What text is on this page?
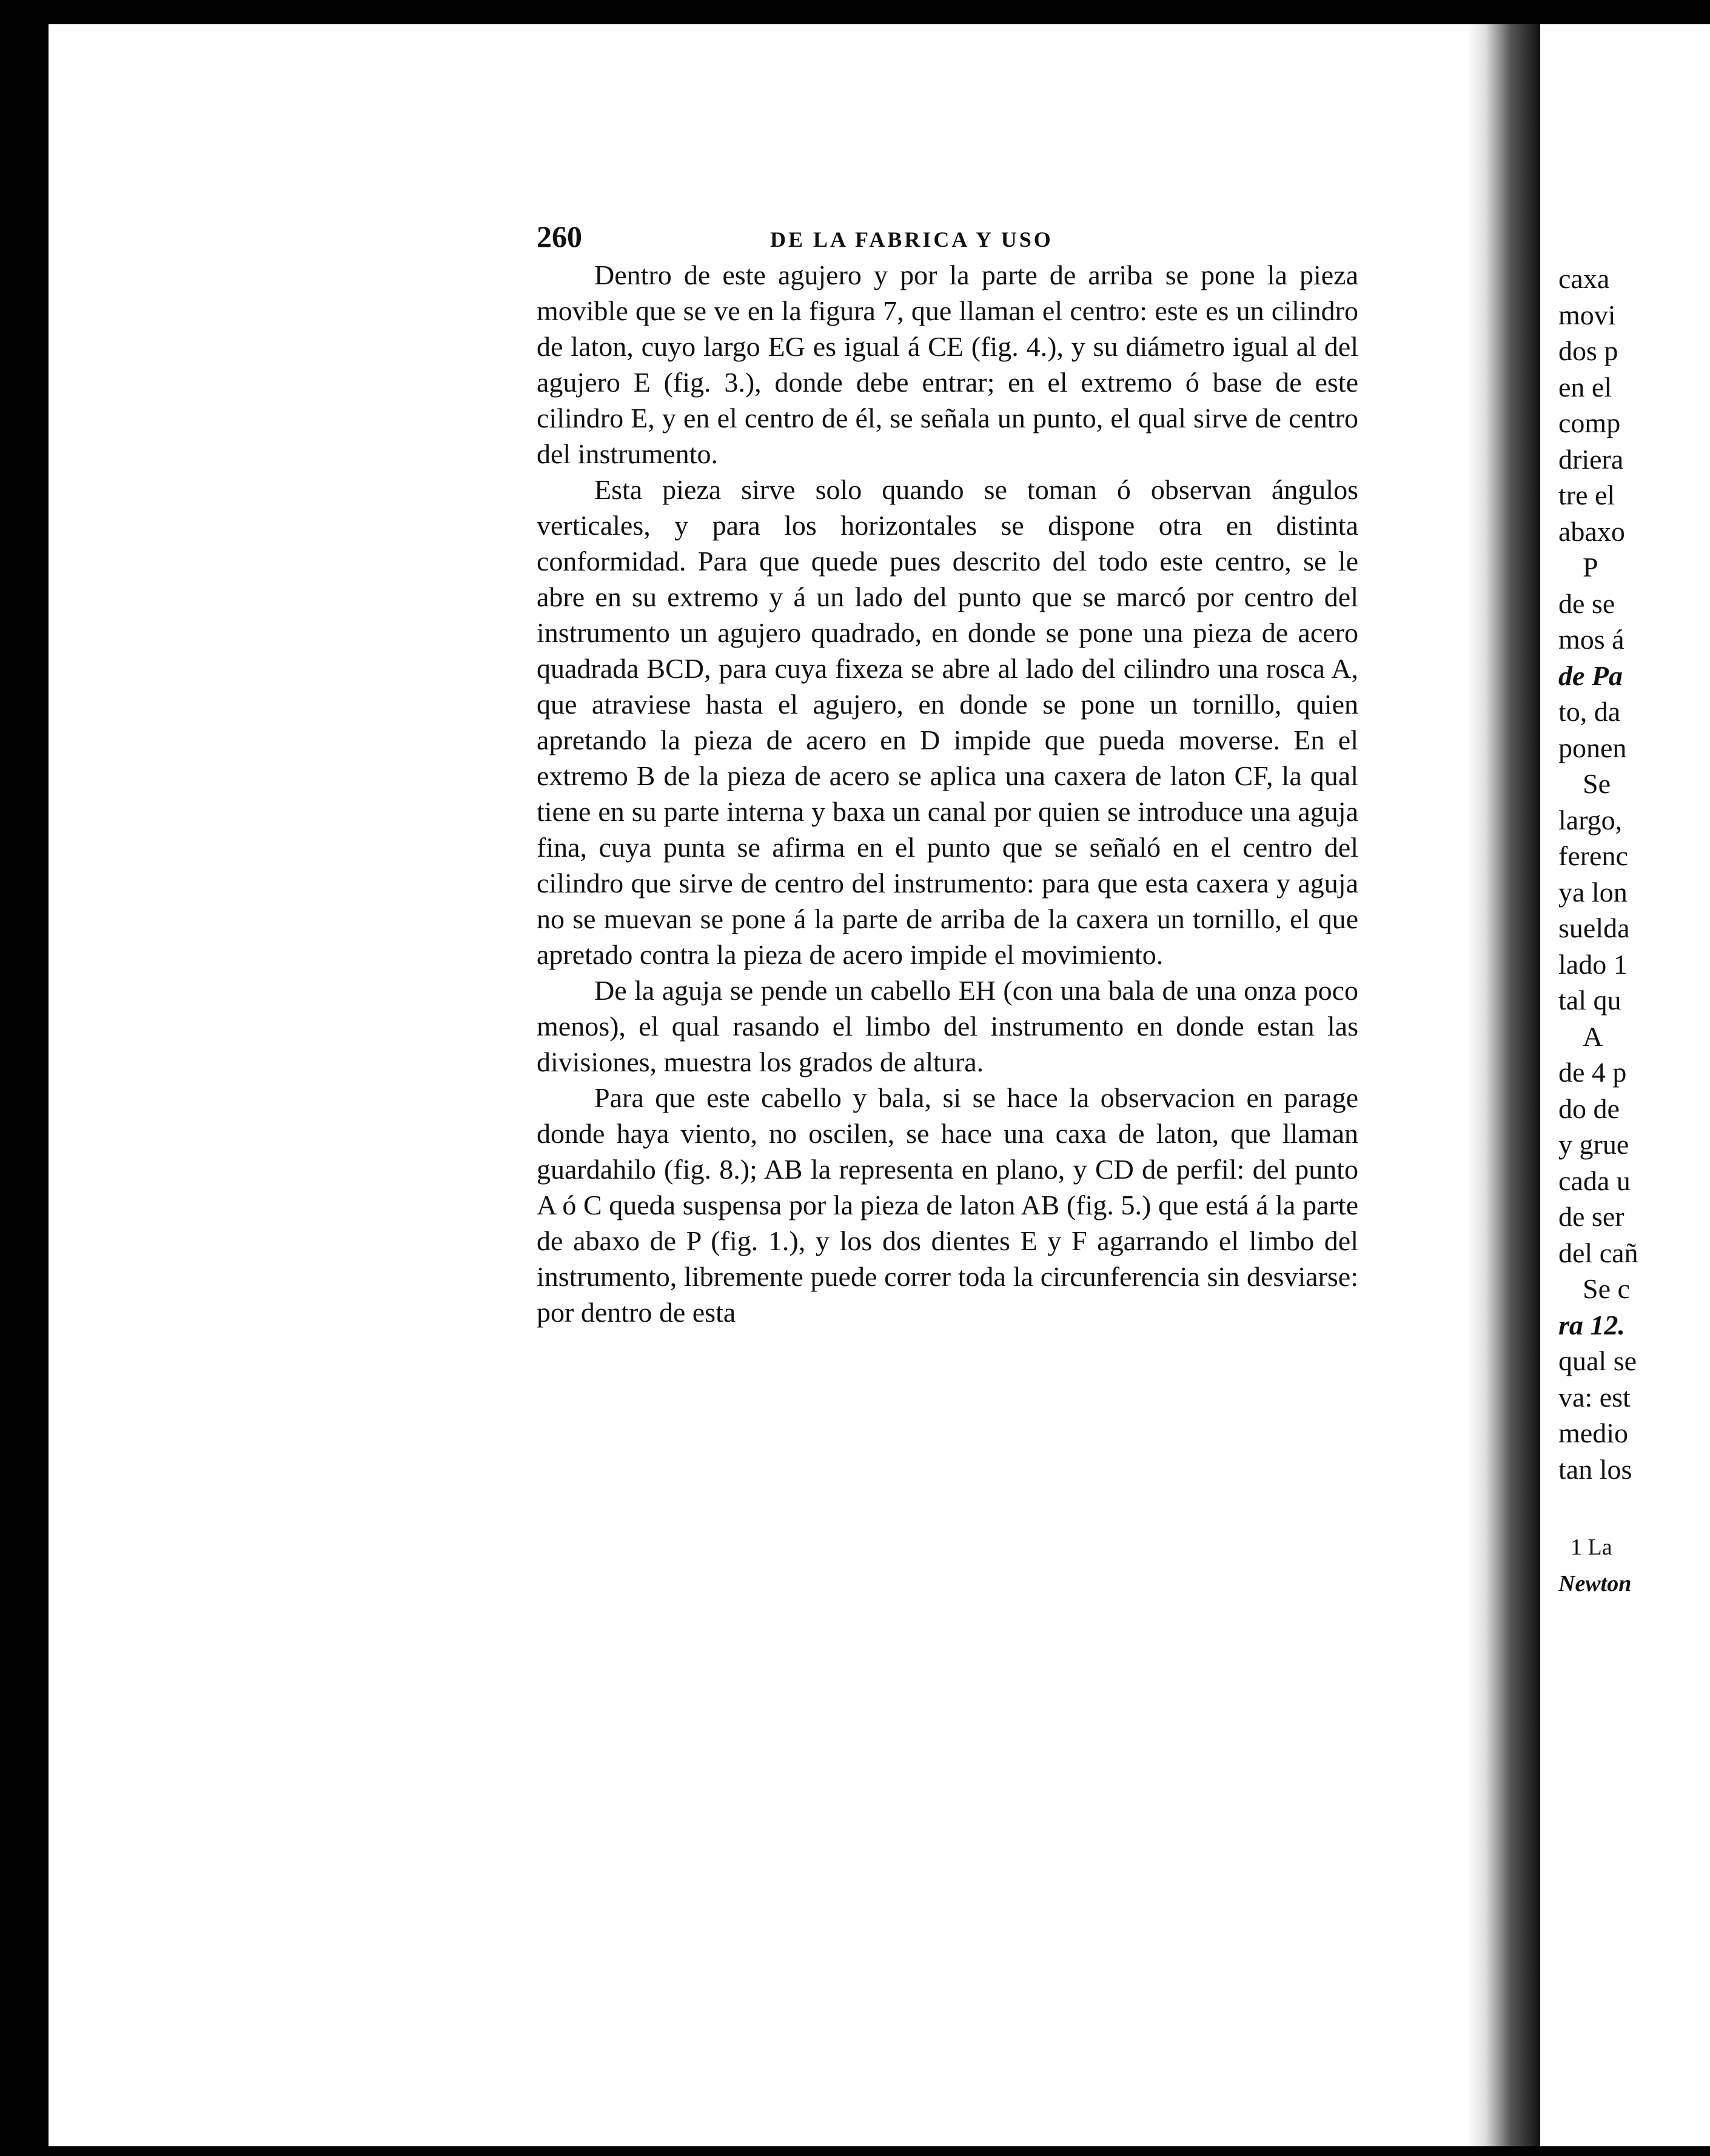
260	DE LA FABRICA Y USO

Dentro de este agujero y por la parte de arriba se pone la pieza movible que se ve en la figura 7, que llaman el centro: este es un cilindro de laton, cuyo largo EG es igual á CE (fig. 4.), y su diámetro igual al del agujero E (fig. 3.), donde debe entrar; en el extremo ó base de este cilindro E, y en el centro de él, se señala un punto, el qual sirve de centro del instrumento.

Esta pieza sirve solo quando se toman ó observan ángulos verticales, y para los horizontales se dispone otra en distinta conformidad. Para que quede pues descrito del todo este centro, se le abre en su extremo y á un lado del punto que se marcó por centro del instrumento un agujero quadrado, en donde se pone una pieza de acero quadrada BCD, para cuya fixeza se abre al lado del cilindro una rosca A, que atraviese hasta el agujero, en donde se pone un tornillo, quien apretando la pieza de acero en D impide que pueda moverse. En el extremo B de la pieza de acero se aplica una caxera de laton CF, la qual tiene en su parte interna y baxa un canal por quien se introduce una aguja fina, cuya punta se afirma en el punto que se señaló en el centro del cilindro que sirve de centro del instrumento: para que esta caxera y aguja no se muevan se pone á la parte de arriba de la caxera un tornillo, el que apretado contra la pieza de acero impide el movimiento.

De la aguja se pende un cabello EH (con una bala de una onza poco menos), el qual rasando el limbo del instrumento en donde estan las divisiones, muestra los grados de altura.

Para que este cabello y bala, si se hace la observacion en parage donde haya viento, no oscilen, se hace una caxa de laton, que llaman guardahilo (fig. 8.); AB la representa en plano, y CD de perfil: del punto A ó C queda suspensa por la pieza de laton AB (fig. 5.) que está á la parte de abaxo de P (fig. 1.), y los dos dientes E y F agarrando el limbo del instrumento, libremente puede correr toda la circunferencia sin desviarse: por dentro de esta

caxa
movi
dos p
en el
comp
driera
tre el
abaxo
P
de se
mos á
de Pa
to, da
ponen
Se
largo,
ferenc
ya lon
suelda
lado 1
tal qu
A
de 4 p
do de
y grue
cada u
de ser
del cañ
Se c
ra 12.
qual se
va: est
medio
tan los
1 La
Newton
